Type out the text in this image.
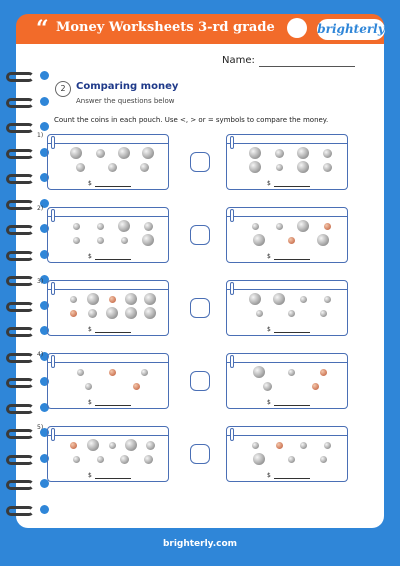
“ Money Worksheets 3-rd grade	brighterly
Name:
2	Comparing money
Answer the questions below
Count the coins in each pouch. Use <, > or = symbols to compare the money.
1)
$	$
2)
$	$
3)
$	$
4)
$	$
5)
$	$
brighterly.com
